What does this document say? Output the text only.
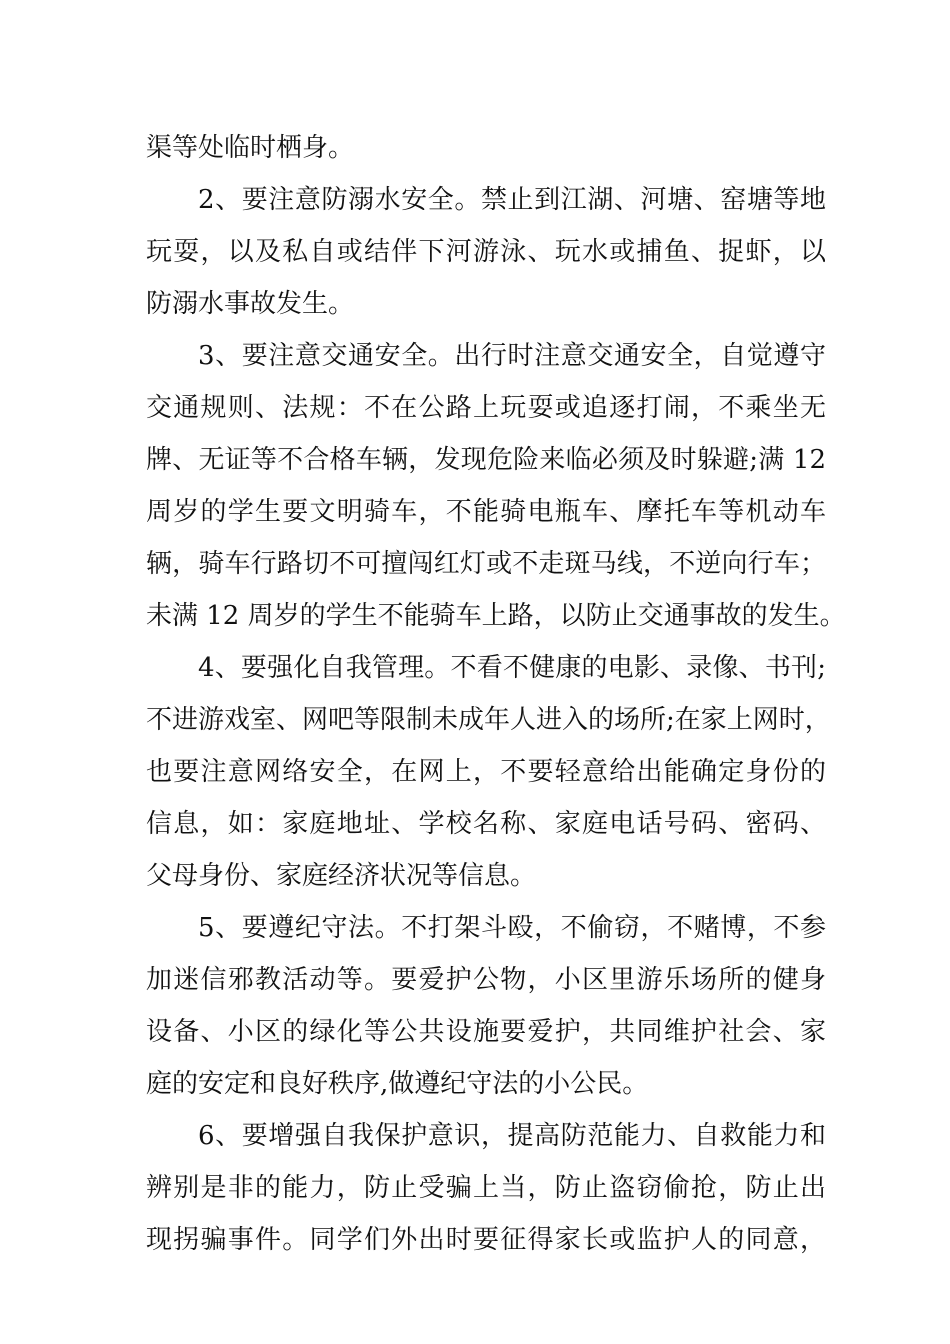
渠等处临时栖身。
2、要注意防溺水安全。禁止到江湖、河塘、窑塘等地
玩耍，以及私自或结伴下河游泳、玩水或捕鱼、捉虾，以
防溺水事故发生。
3、要注意交通安全。出行时注意交通安全，自觉遵守
交通规则、法规：不在公路上玩耍或追逐打闹，不乘坐无
牌、无证等不合格车辆，发现危险来临必须及时躲避;满 12
周岁的学生要文明骑车，不能骑电瓶车、摩托车等机动车
辆，骑车行路切不可擅闯红灯或不走斑马线，不逆向行车；
未满 12 周岁的学生不能骑车上路，以防止交通事故的发生。
4、要强化自我管理。不看不健康的电影、录像、书刊;
不进游戏室、网吧等限制未成年人进入的场所;在家上网时，
也要注意网络安全，在网上，不要轻意给出能确定身份的
信息，如：家庭地址、学校名称、家庭电话号码、密码、
父母身份、家庭经济状况等信息。
5、要遵纪守法。不打架斗殴，不偷窃，不赌博，不参
加迷信邪教活动等。要爱护公物，小区里游乐场所的健身
设备、小区的绿化等公共设施要爱护，共同维护社会、家
庭的安定和良好秩序,做遵纪守法的小公民。
6、要增强自我保护意识，提高防范能力、自救能力和
辨别是非的能力，防止受骗上当，防止盗窃偷抢，防止出
现拐骗事件。同学们外出时要征得家长或监护人的同意，
